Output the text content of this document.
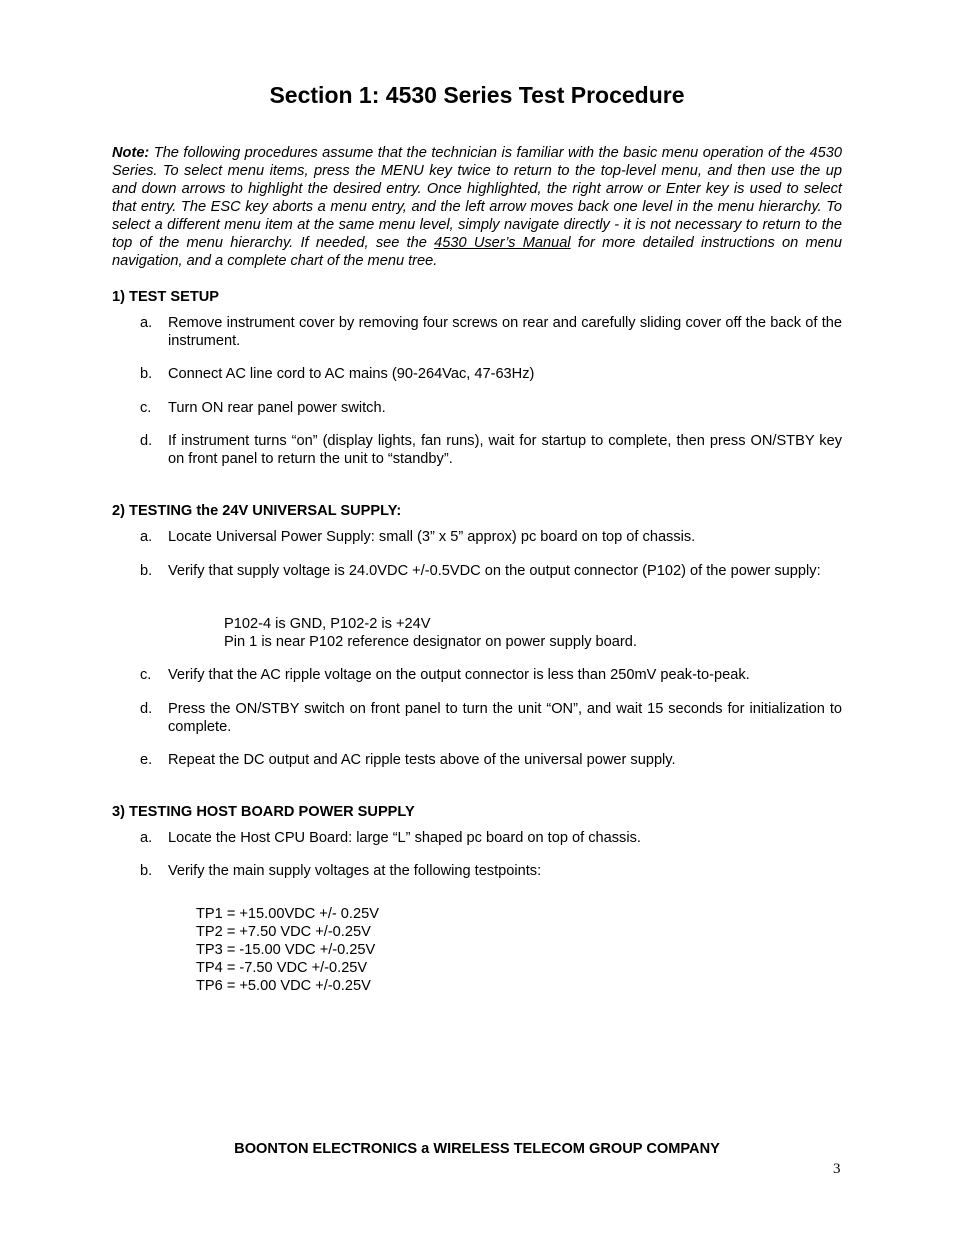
Section 1: 4530 Series Test Procedure

Note: The following procedures assume that the technician is familiar with the basic menu operation of the 4530 Series. To select menu items, press the MENU key twice to return to the top-level menu, and then use the up and down arrows to highlight the desired entry. Once highlighted, the right arrow or Enter key is used to select that entry. The ESC key aborts a menu entry, and the left arrow moves back one level in the menu hierarchy. To select a different menu item at the same menu level, simply navigate directly - it is not necessary to return to the top of the menu hierarchy. If needed, see the 4530 User’s Manual for more detailed instructions on menu navigation, and a complete chart of the menu tree.

1) TEST SETUP

a.	Remove instrument cover by removing four screws on rear and carefully sliding cover off the back of the instrument.
b.	Connect AC line cord to AC mains (90-264Vac, 47-63Hz)
c.	Turn ON rear panel power switch.
d.	If instrument turns “on” (display lights, fan runs), wait for startup to complete, then press ON/STBY key on front panel to return the unit to “standby”.

2) TESTING the 24V UNIVERSAL SUPPLY:

a.	Locate Universal Power Supply: small (3” x 5” approx) pc board on top of chassis.
b.	Verify that supply voltage is 24.0VDC +/-0.5VDC on the output connector (P102) of the power supply:
P102-4 is GND, P102-2 is +24V
Pin 1 is near P102 reference designator on power supply board.
c.	Verify that the AC ripple voltage on the output connector is less than 250mV peak-to-peak.
d.	Press the ON/STBY switch on front panel to turn the unit “ON”, and wait 15 seconds for initialization to complete.
e.	Repeat the DC output and AC ripple tests above of the universal power supply.

3) TESTING HOST BOARD POWER SUPPLY

a.	Locate the Host CPU Board: large “L” shaped pc board on top of chassis.
b.	Verify the main supply voltages at the following testpoints:
TP1 = +15.00VDC +/- 0.25V
TP2 = +7.50 VDC +/-0.25V
TP3 = -15.00 VDC +/-0.25V
TP4 = -7.50 VDC +/-0.25V
TP6 = +5.00 VDC +/-0.25V

BOONTON ELECTRONICS a WIRELESS TELECOM GROUP COMPANY

3
